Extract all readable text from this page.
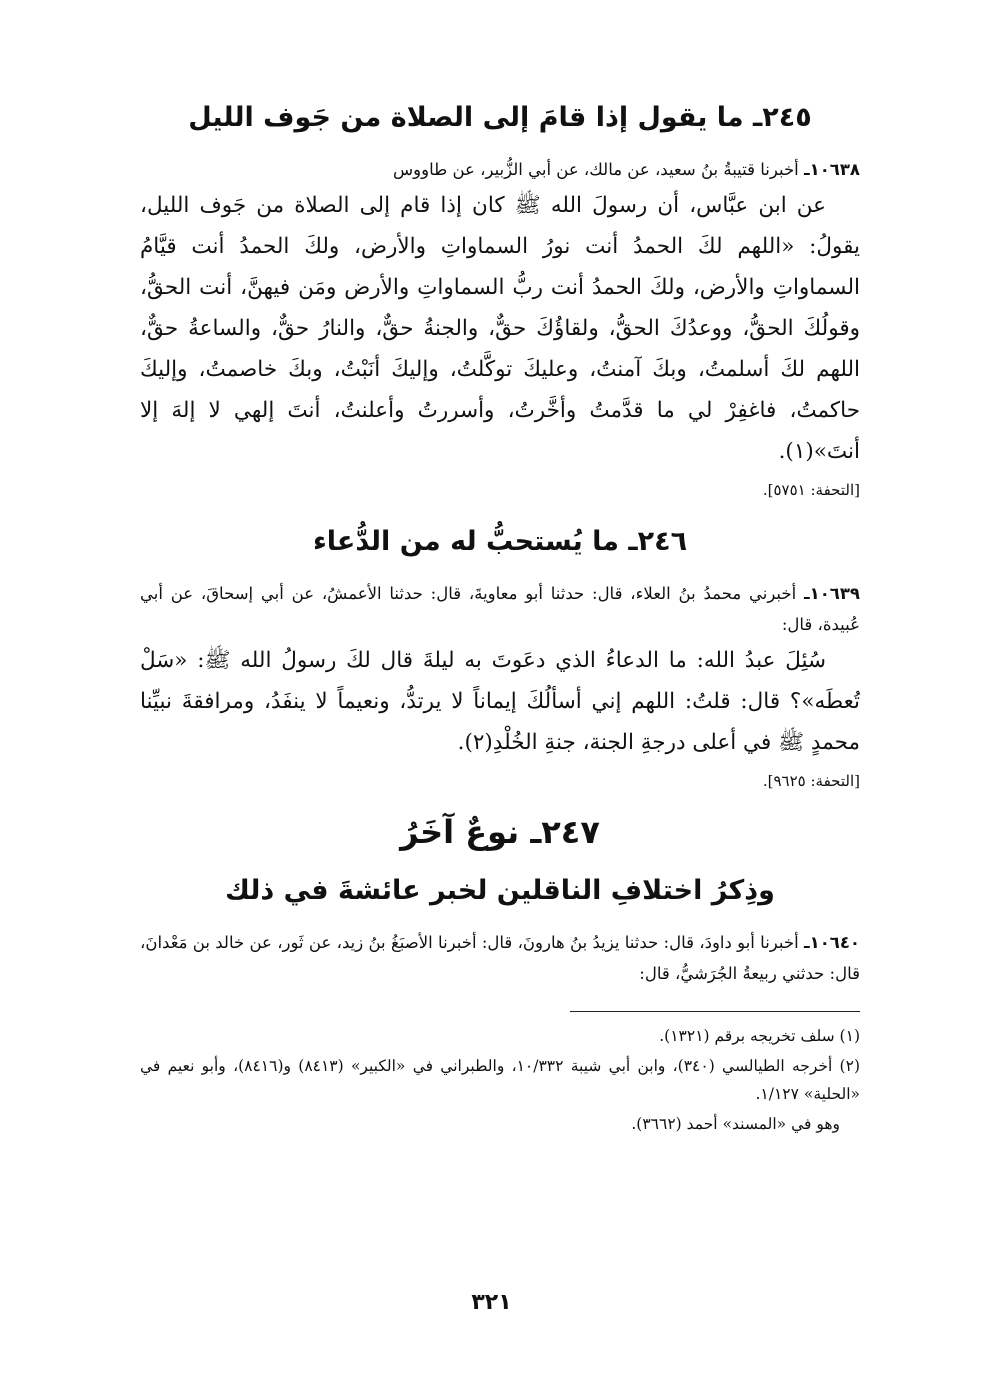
٢٤٥ـ ما يقول إذا قامَ إلى الصلاة من جَوف الليل

١٠٦٣٨ـ أخبرنا قتيبةُ بنُ سعيد، عن مالك، عن أبي الزُّبير، عن طاووس

عن ابن عبَّاس، أن رسولَ الله ﷺ كان إذا قام إلى الصلاة من جَوف الليل، يقولُ: «اللهم لكَ الحمدُ أنت نورُ السماواتِ والأرض، ولكَ الحمدُ أنت قيَّامُ السماواتِ والأرض، ولكَ الحمدُ أنت ربُّ السماواتِ والأرض ومَن فيهنَّ، أنت الحقُّ، وقولُكَ الحقُّ، ووعدُكَ الحقُّ، ولقاؤُكَ حقٌّ، والجنةُ حقٌّ، والنارُ حقٌّ، والساعةُ حقٌّ، اللهم لكَ أسلمتُ، وبكَ آمنتُ، وعليكَ توكَّلتُ، وإليكَ أنَبْتُ، وبكَ خاصمتُ، وإليكَ حاكمتُ، فاغفِرْ لي ما قدَّمتُ وأخَّرتُ، وأسررتُ وأعلنتُ، أنتَ إلهي لا إلهَ إلا أنتَ»(١).

[التحفة: ٥٧٥١].

٢٤٦ـ ما يُستحبُّ له من الدُّعاء

١٠٦٣٩ـ أخبرني محمدُ بنُ العلاء، قال: حدثنا أبو معاويةَ، قال: حدثنا الأعمشُ، عن أبي إسحاقَ، عن أبي عُبيدة، قال:

سُئِلَ عبدُ الله: ما الدعاءُ الذي دعَوتَ به ليلةَ قال لكَ رسولُ الله ﷺ: «سَلْ تُعطَه»؟ قال: قلتُ: اللهم إني أسألُكَ إيماناً لا يرتدُّ، ونعيماً لا ينفَدُ، ومرافقةَ نبيِّنا محمدٍ ﷺ في أعلى درجةِ الجنة، جنةِ الخُلْدِ(٢).

[التحفة: ٩٦٢٥].

٢٤٧ـ نوعٌ آخَرُ
وذِكرُ اختلافِ الناقلين لخبر عائشةَ في ذلك

١٠٦٤٠ـ أخبرنا أبو داودَ، قال: حدثنا يزيدُ بنُ هارونَ، قال: أخبرنا الأصبَغُ بنُ زيد، عن ثَور، عن خالد بن مَعْدانَ، قال: حدثني ربيعةُ الجُرَشيُّ، قال:

(١) سلف تخريجه برقم (١٣٢١).

(٢) أخرجه الطيالسي (٣٤٠)، وابن أبي شيبة ١٠/٣٣٢، والطبراني في «الكبير» (٨٤١٣) و(٨٤١٦)، وأبو نعيم في «الحلية» ١/١٢٧.

وهو في «المسند» أحمد (٣٦٦٢).

٣٢١
